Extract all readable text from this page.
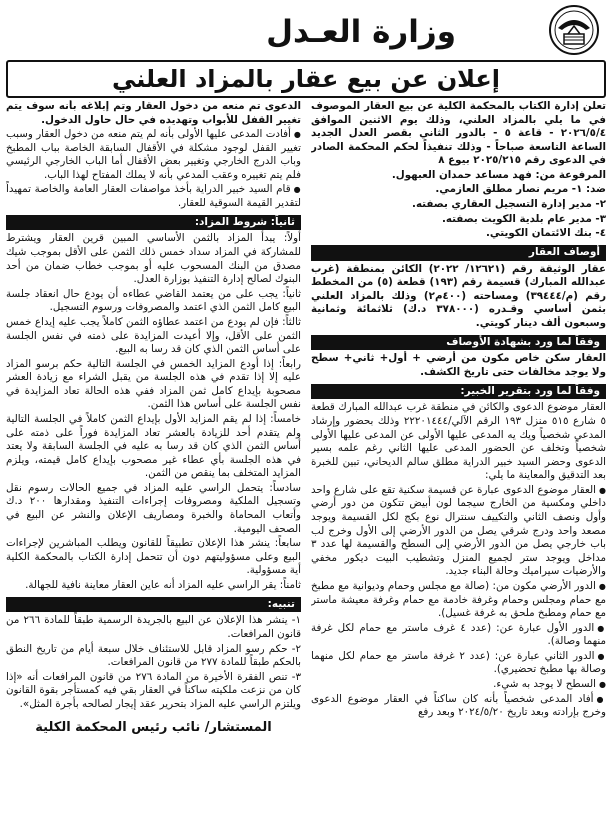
وزارة العـدل
إعلان عن بيع عقار بالمزاد العلني

تعلن إدارة الكتاب بالمحكمة الكلية عن بيع العقار الموصوف في ما يلي بالمزاد العلني، وذلك يوم الاثنين الموافق ٢٠٢٦/٥/٤ - قاعة ٥ - بالدور الثاني بقصر العدل الجديد الساعة التاسعة صباحاً - وذلك تنفيذاً لحكم المحكمة الصادر في الدعوى رقم ٢٠٢٥/٢١٥ بيوع ٨

المرفوعة من: فهد مساعد حمدان العبهول.

ضد: ١- مريم نصار مطلق العازمي.

٢- مدير إدارة التسجيل العقاري بصفته.

٣- مدير عام بلدية الكويت بصفته.

٤- بنك الائتمان الكويتي.

أوصاف العقار

عقار الوثيقة رقم (١٢٦٢١/ ٢٠٢٢) الكائن بمنطقة (غرب عبدالله المبارك) قسيمة رقم (١٩٣) قطعة (٥) من المخطط رقم (م/٣٩٤٤٤) ومساحته (٤٠٠م٢) وذلك بالمزاد العلني بثمن أساسي وقـدره (٣٧٨٠٠٠ د.ك) ثلاثمائة وثمانية وسبعون ألف دينار كويتي.

وفقاً لما ورد بشهادة الأوصاف

العقار سكن خاص مكون من أرضي + أول+ ثاني+ سطح ولا يوجد مخالفات حتى تاريخ الكشف.

وفقاً لما ورد بتقرير الخبير:

العقار موضوع الدعوى والكائن في منطقة غرب عبدالله المبارك قطعة ٥ شارع ٥١٥ منزل ١٩٣ الرقم الآلي/٢٢٢٠١٤٤٤ وذلك بحضور وإرشاد المدعي شخصياً ويك يه المدعى عليها الأولى عن المدعى عليها الأولى شخصياً وتخلف عن الحضور المدعى عليها الثاني رغم علمه بسير الدعوى وحضر السيد خبير الدراية مطلق سالم الديحاني، تبين للخبرة بعد التدقيق والمعاينة ما يلي:

● العقار موضوع الدعوى عبارة عن قسيمة سكنية تقع على شارع واحد داخلي ومكسية من الخارج سيجما لون أبيض تتكون من دور أرضي وأول ونصف الثاني والتكييف سنترال نوع بكج لكل القسيمة ويوجد مصعد واحد ودرج شرقي يصل من الدور الأرضي إلى الأول وخرج لب باب خارجي يصل من الدور الأرضي إلى السطح والقسيمة لها عدد ٣ مداخل ويوجد ستر لجميع المنزل وتشطيب البيت ديكور مخفي والأرضيات سيراميك وحالة البناء جديد.

● الدور الأرضي مكون من: (صالة مع مجلس وحمام وديوانية مع مطبخ مع حمام ومجلس وحمام وغرفة خادمة مع حمام وغرفة معيشة ماستر مع حمام ومطبخ ملحق به غرفة غسيل).

● الدور الأول عبارة عن: (عدد ٤ غرف ماستر مع حمام لكل غرفة منهما وصالة).

● الدور الثاني عبارة عن: (عدد ٢ غرفة ماستر مع حمام لكل منهما وصالة بها مطبخ تحضيري).

● السطح لا يوجد به شيء.

● أفاد المدعى شخصياً بأنه كان ساكناً في العقار موضوع الدعوى وخرج بإرادته وبعد تاريخ ٢٠٢٤/٥/٢٠ وبعد رفع

الدعوى تم منعه من دخول العقار وتم إبلاغه بأنه سوف يتم تغيير القفل للأبواب وتهديده في حال حاول الدخول.

● أفادت المدعى عليها الأولى بأنه لم يتم منعه من دخول العقار وسبب تغيير القفل لوجود مشكلة في الأقفال السابقة الخاصة بباب المطبخ وباب الدرج الخارجي وتغيير بعض الأقفال أما الباب الخارجي الرئيسي فلم يتم تغييره وعقب المدعي بأنه لا يملك المفتاح لهذا الباب.

● قام السيد خبير الدراية بأخذ مواصفات العقار العامة والخاصة تمهيداً لتقدير القيمة السوقية للعقار.

ثانياً: شروط المزاد:

أولاً: يبدأ المزاد بالثمن الأساسي المبين قرين العقار ويشترط للمشاركة في المزاد سداد خمس ذلك الثمن على الأقل بموجب شيك مصدق من البنك المسحوب عليه أو بموجب خطاب ضمان من أحد البنوك لصالح إدارة التنفيذ بوزارة العدل.

ثانياً: يجب على من يعتمد القاضي عطاءه أن يودع حال انعقاد جلسة البيع كامل الثمن الذي اعتمد والمصروفات ورسوم التسجيل.

ثالثاً: فإن لم يودع من اعتمد عطاؤه الثمن كاملاً يجب عليه إيداع خمس الثمن على الأقل، وإلا أعيدت المزايدة على ذمته في نفس الجلسة على أساس الثمن الذي كان قد رسا به البيع.

رابعاً: إذا أودع المزايد الخمس في الجلسة التالية حكم برسو المزاد عليه إلا إذا تقدم في هذه الجلسة من يقبل الشراء مع زيادة العشر مصحوبة بإيداع كامل ثمن المزاد ففي هذه الحالة تعاد المزايدة في نفس الجلسة على أساس هذا الثمن.

خامساً: إذا لم يقم المزايد الأول بإيداع الثمن كاملاً في الجلسة التالية ولم يتقدم أحد للزيادة بالعشر تعاد المزايدة فوراً على ذمته على أساس الثمن الذي كان قد رسا به عليه في الجلسة السابقة ولا يعتد في هذه الجلسة بأي عطاء غير مصحوب بإيداع كامل قيمته، ويلزم المزايد المتخلف بما ينقص من الثمن.

سادساً: يتحمل الراسي عليه المزاد في جميع الحالات رسوم نقل وتسجيل الملكية ومصروفات إجراءات التنفيذ ومقدارها ٢٠٠ د.ك وأتعاب المحاماة والخبرة ومصاريف الإعلان والنشر عن البيع في الصحف اليومية.

سابعاً: ينشر هذا الإعلان تطبيقاً للقانون ويطلب المباشرين لإجراءات البيع وعلى مسؤوليتهم دون أن تتحمل إدارة الكتاب بالمحكمة الكلية أية مسؤولية.

ثامناً: يقر الراسي عليه المزاد أنه عاين العقار معاينة نافية للجهالة.

تنبيه:

١- ينشر هذا الإعلان عن البيع بالجريدة الرسمية طبقاً للمادة ٢٦٦ من قانون المرافعات.

٢- حكم رسو المزاد قابل للاستئناف خلال سبعة أيام من تاريخ النطق بالحكم طبقاً للمادة ٢٧٧ من قانون المرافعات.

٣- تنص الفقرة الأخيرة من المادة ٢٧٦ من قانون المرافعات أنه «إذا كان من نزعت ملكيته ساكناً في العقار بقي فيه كمستأجر بقوة القانون ويلتزم الراسي عليه المزاد بتحرير عقد إيجار لصالحه بأجرة المثل».

المستشار/ نائب رئيس المحكمة الكلية
